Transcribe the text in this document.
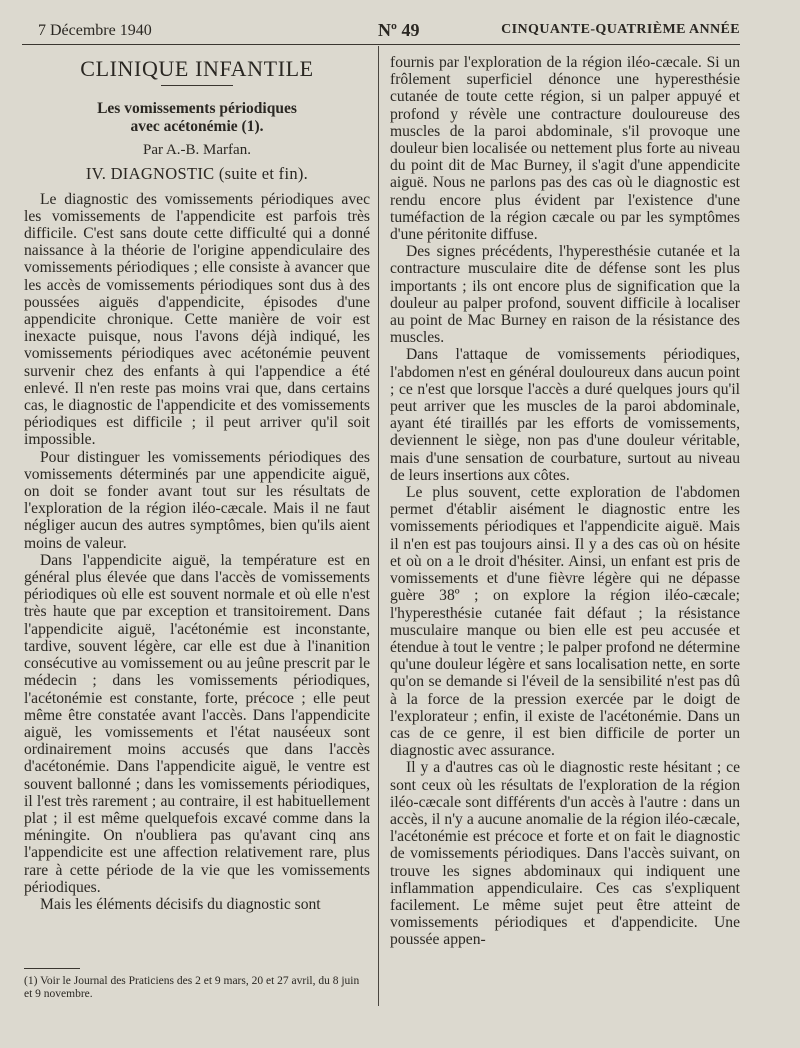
7 Décembre 1940	Nº 49	CINQUANTE-QUATRIÈME ANNÉE
CLINIQUE INFANTILE
Les vomissements périodiques
avec acétonémie (1).
Par A.-B. Marfan.
IV. DIAGNOSTIC (suite et fin).

Le diagnostic des vomissements périodiques avec les vomissements de l'appendicite est parfois très difficile. C'est sans doute cette difficulté qui a donné naissance à la théorie de l'origine appendiculaire des vomissements périodiques ; elle consiste à avancer que les accès de vomissements périodiques sont dus à des poussées aiguës d'appendicite, épisodes d'une appendicite chronique. Cette manière de voir est inexacte puisque, nous l'avons déjà indiqué, les vomissements périodiques avec acétonémie peuvent survenir chez des enfants à qui l'appendice a été enlevé. Il n'en reste pas moins vrai que, dans certains cas, le diagnostic de l'appendicite et des vomissements périodiques est difficile ; il peut arriver qu'il soit impossible.

Pour distinguer les vomissements périodiques des vomissements déterminés par une appendicite aiguë, on doit se fonder avant tout sur les résultats de l'exploration de la région iléo-cæcale. Mais il ne faut négliger aucun des autres symptômes, bien qu'ils aient moins de valeur.

Dans l'appendicite aiguë, la température est en général plus élevée que dans l'accès de vomissements périodiques où elle est souvent normale et où elle n'est très haute que par exception et transitoirement. Dans l'appendicite aiguë, l'acétonémie est inconstante, tardive, souvent légère, car elle est due à l'inanition consécutive au vomissement ou au jeûne prescrit par le médecin ; dans les vomissements périodiques, l'acétonémie est constante, forte, précoce ; elle peut même être constatée avant l'accès. Dans l'appendicite aiguë, les vomissements et l'état nauséeux sont ordinairement moins accusés que dans l'accès d'acétonémie. Dans l'appendicite aiguë, le ventre est souvent ballonné ; dans les vomissements périodiques, il l'est très rarement ; au contraire, il est habituellement plat ; il est même quelquefois excavé comme dans la méningite. On n'oubliera pas qu'avant cinq ans l'appendicite est une affection relativement rare, plus rare à cette période de la vie que les vomissements périodiques.

Mais les éléments décisifs du diagnostic sont

(1) Voir le Journal des Praticiens des 2 et 9 mars, 20 et 27 avril, du 8 juin et 9 novembre.

fournis par l'exploration de la région iléo-cæcale. Si un frôlement superficiel dénonce une hyperesthésie cutanée de toute cette région, si un palper appuyé et profond y révèle une contracture douloureuse des muscles de la paroi abdominale, s'il provoque une douleur bien localisée ou nettement plus forte au niveau du point dit de Mac Burney, il s'agit d'une appendicite aiguë. Nous ne parlons pas des cas où le diagnostic est rendu encore plus évident par l'existence d'une tuméfaction de la région cæcale ou par les symptômes d'une péritonite diffuse.

Des signes précédents, l'hyperesthésie cutanée et la contracture musculaire dite de défense sont les plus importants ; ils ont encore plus de signification que la douleur au palper profond, souvent difficile à localiser au point de Mac Burney en raison de la résistance des muscles.

Dans l'attaque de vomissements périodiques, l'abdomen n'est en général douloureux dans aucun point ; ce n'est que lorsque l'accès a duré quelques jours qu'il peut arriver que les muscles de la paroi abdominale, ayant été tiraillés par les efforts de vomissements, deviennent le siège, non pas d'une douleur véritable, mais d'une sensation de courbature, surtout au niveau de leurs insertions aux côtes.

Le plus souvent, cette exploration de l'abdomen permet d'établir aisément le diagnostic entre les vomissements périodiques et l'appendicite aiguë. Mais il n'en est pas toujours ainsi. Il y a des cas où on hésite et où on a le droit d'hésiter. Ainsi, un enfant est pris de vomissements et d'une fièvre légère qui ne dépasse guère 38º ; on explore la région iléo-cæcale; l'hyperesthésie cutanée fait défaut ; la résistance musculaire manque ou bien elle est peu accusée et étendue à tout le ventre ; le palper profond ne détermine qu'une douleur légère et sans localisation nette, en sorte qu'on se demande si l'éveil de la sensibilité n'est pas dû à la force de la pression exercée par le doigt de l'explorateur ; enfin, il existe de l'acétonémie. Dans un cas de ce genre, il est bien difficile de porter un diagnostic avec assurance.

Il y a d'autres cas où le diagnostic reste hésitant ; ce sont ceux où les résultats de l'exploration de la région iléo-cæcale sont différents d'un accès à l'autre : dans un accès, il n'y a aucune anomalie de la région iléo-cæcale, l'acétonémie est précoce et forte et on fait le diagnostic de vomissements périodiques. Dans l'accès suivant, on trouve les signes abdominaux qui indiquent une inflammation appendiculaire. Ces cas s'expliquent facilement. Le même sujet peut être atteint de vomissements périodiques et d'appendicite. Une poussée appen-
